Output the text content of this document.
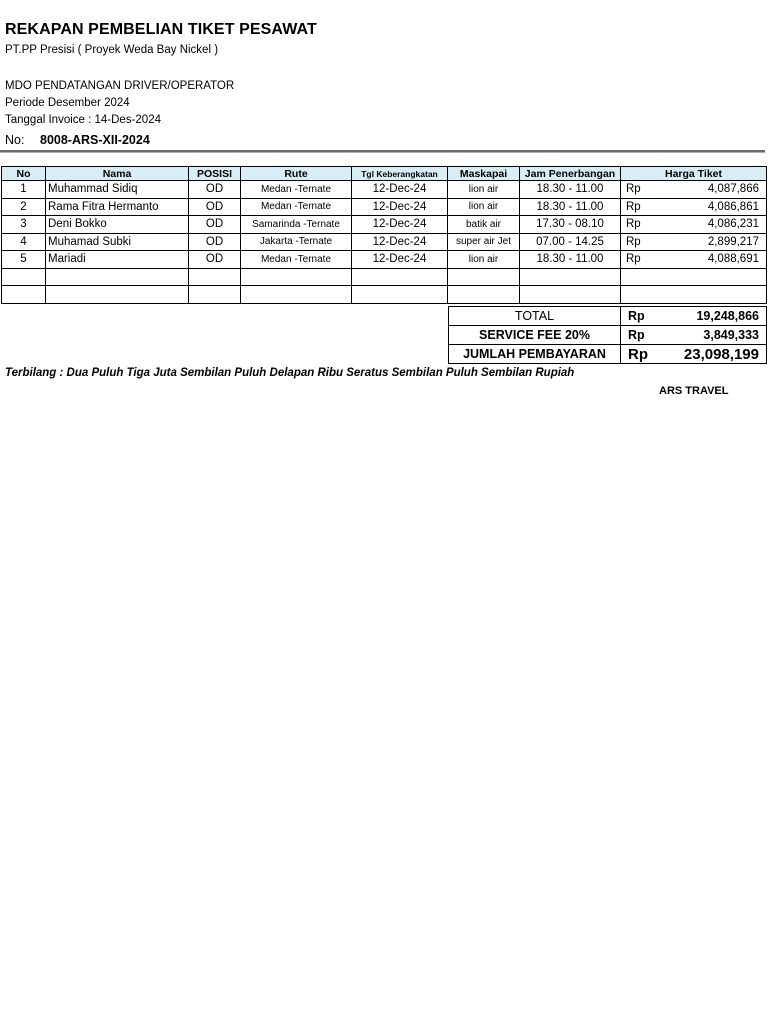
REKAPAN PEMBELIAN TIKET PESAWAT
PT.PP Presisi ( Proyek Weda Bay Nickel )
MDO PENDATANGAN DRIVER/OPERATOR
Periode Desember 2024
Tanggal Invoice : 14-Des-2024
No: 8008-ARS-XII-2024
No	Nama	POSISI	Rute	Tgl Keberangkatan	Maskapai	Jam Penerbangan	Harga Tiket	
1	Muhammad Sidiq	OD	Medan -Ternate	12-Dec-24	lion air	18.30 - 11.00	Rp	4,087,866
2	Rama Fitra Hermanto	OD	Medan -Ternate	12-Dec-24	lion air	18.30 - 11.00	Rp	4,086,861
3	Deni Bokko	OD	Samarinda -Ternate	12-Dec-24	batik air	17.30 - 08.10	Rp	4,086,231
4	Muhamad Subki	OD	Jakarta -Ternate	12-Dec-24	super air Jet	07.00 - 14.25	Rp	2,899,217
5	Mariadi	OD	Medan -Ternate	12-Dec-24	lion air	18.30 - 11.00	Rp	4,088,691

TOTAL	Rp	19,248,866
SERVICE FEE 20%	Rp	3,849,333
JUMLAH PEMBAYARAN	Rp	23,098,199
Terbilang : Dua Puluh Tiga Juta Sembilan Puluh Delapan Ribu Seratus Sembilan Puluh Sembilan Rupiah
ARS TRAVEL
